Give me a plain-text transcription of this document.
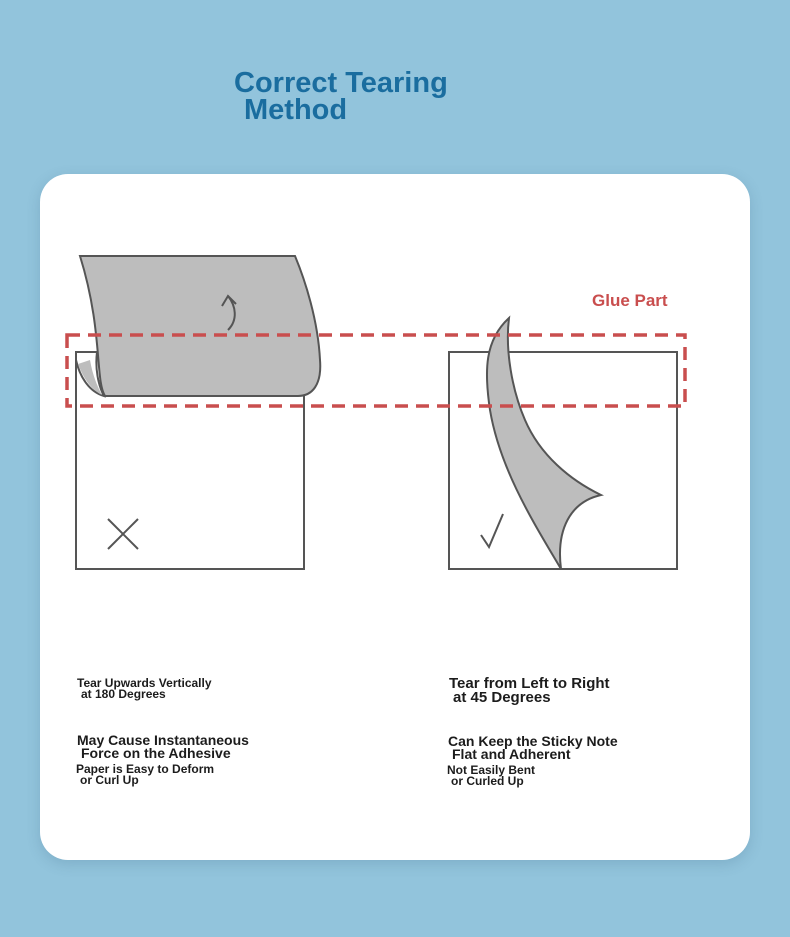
Correct Tearing
Method
Glue Part
Tear Upwards Vertically
at 180 Degrees
May Cause Instantaneous
Force on the Adhesive
Paper is Easy to Deform
or Curl Up
Tear from Left to Right
at 45 Degrees
Can Keep the Sticky Note
Flat and Adherent
Not Easily Bent
or Curled Up
